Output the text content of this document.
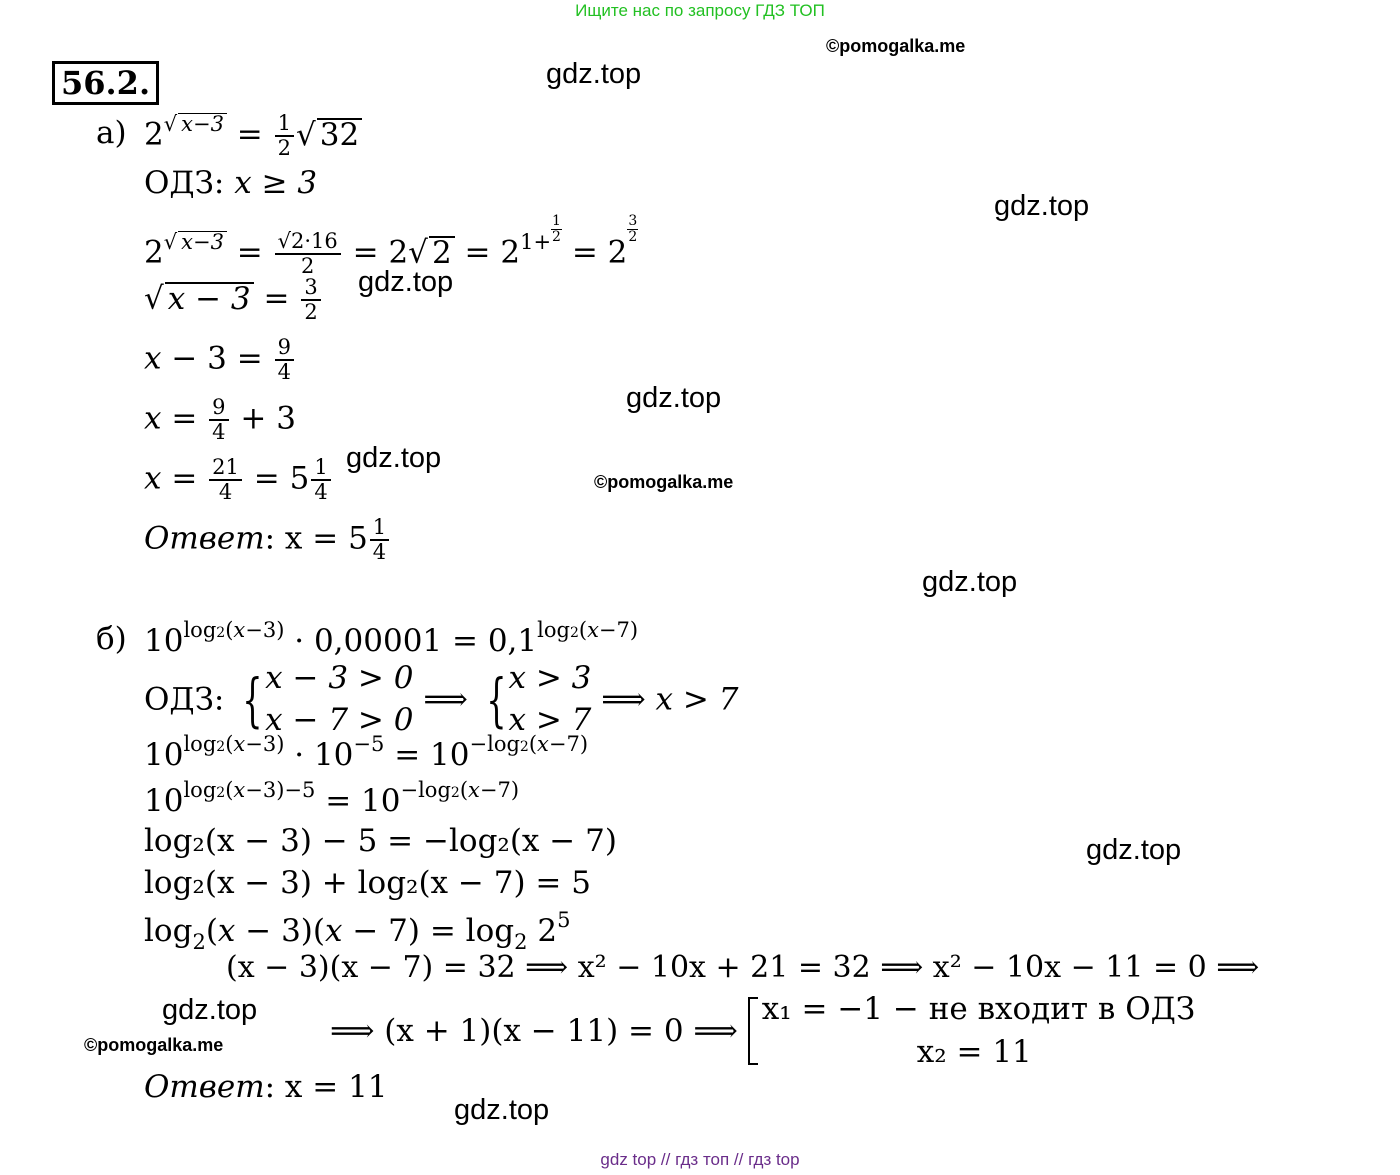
Ищите нас по запросу ГДЗ ТОП
©pomogalka.me
©pomogalka.me
©pomogalka.me
gdz.top
gdz.top
gdz.top
gdz.top
gdz.top
gdz.top
gdz.top
gdz.top
gdz.top
56.2.
а) $2^{√ x-3} = \frac{1}{2}$ √ 32
ОДЗ: x ≥ 3
$2^{√ x-3} = \frac{√2\cdot 16}{2} = 2√$ $2 = 2^{1+ \frac{1}{2}}$
= 2
$^{\frac{3}{2}}$
√ $x - 3 = \frac{3}{2}$
$x - 3 = \frac{9}{4}$
$x = \frac{9}{4} + 3$
$x = \frac{21}{4} = 5 \frac{1}{4}$
Ответ: $x = 5 \frac{1}{4}$
б) $10^{log2(x-3)} \cdot 0,00001 = 0,1^{log2(x-7)}$
ОДЗ: { x − 3 > 0
x − 7 > 0
⟹ { x > 3
x > 7
⟹ x > 7
$10^{log2(x-3)} \cdot 10^{-5} = 10^{-log2(x-7)}$
$10^{log2(x-3)-5} = 10^{-log2(x-7)}$
log₂(x − 3) − 5 = −log₂(x − 7)
log₂(x − 3) + log₂(x − 7) = 5
$\log_2(x - 3)(x - 7) = \log_2 2^5$
(x − 3)(x − 7) = 32 ⟹ x² − 10x + 21 = 32 ⟹ x² − 10x − 11 = 0 ⟹
⟹ (x + 1)(x − 11) = 0 ⟹
x₁ = −1 − не входит в ОДЗ
x₂ = 11
Ответ: x = 11
gdz top // гдз топ // гдз top
